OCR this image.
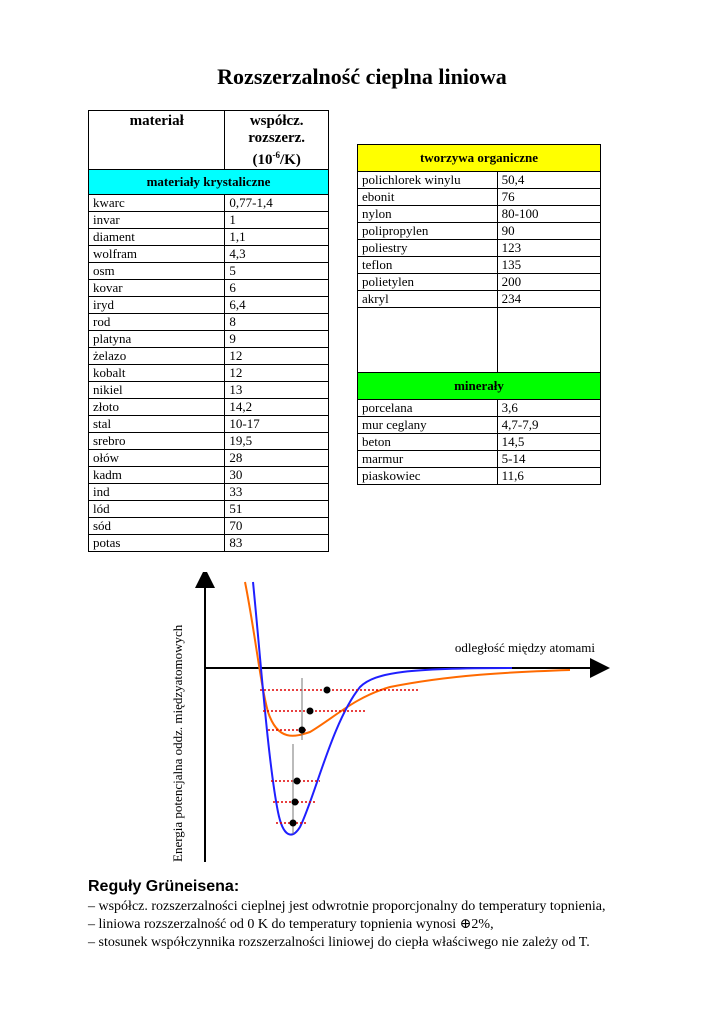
Rozszerzalność cieplna liniowa
materiał	współcz.
rozszerz.
$(10^{-6}/K)$

materiały krystaliczne	
kwarc	0,77-1,4
invar	1
diament	1,1
wolfram	4,3
osm	5
kovar	6
iryd	6,4
rod	8
platyna	9
żelazo	12
kobalt	12
nikiel	13
złoto	14,2
stal	10-17
srebro	19,5
ołów	28
kadm	30
ind	33
lód	51
sód	70
potas	83
tworzywa organiczne	
polichlorek winylu	50,4
ebonit	76
nylon	80-100
polipropylen	90
poliestry	123
teflon	135
polietylen	200
akryl	234

minerały	
porcelana	3,6
mur ceglany	4,7-7,9
beton	14,5
marmur	5-14
piaskowiec	11,6
Energia potencjalna oddz. międzyatomowych	odległość między atomami
Reguły Grüneisena:
– współcz. rozszerzalności cieplnej jest odwrotnie proporcjonalny do temperatury topnienia,
– liniowa rozszerzalność od 0 K do temperatury topnienia wynosi ⊕2%,
– stosunek współczynnika rozszerzalności liniowej do ciepła właściwego nie zależy od T.
